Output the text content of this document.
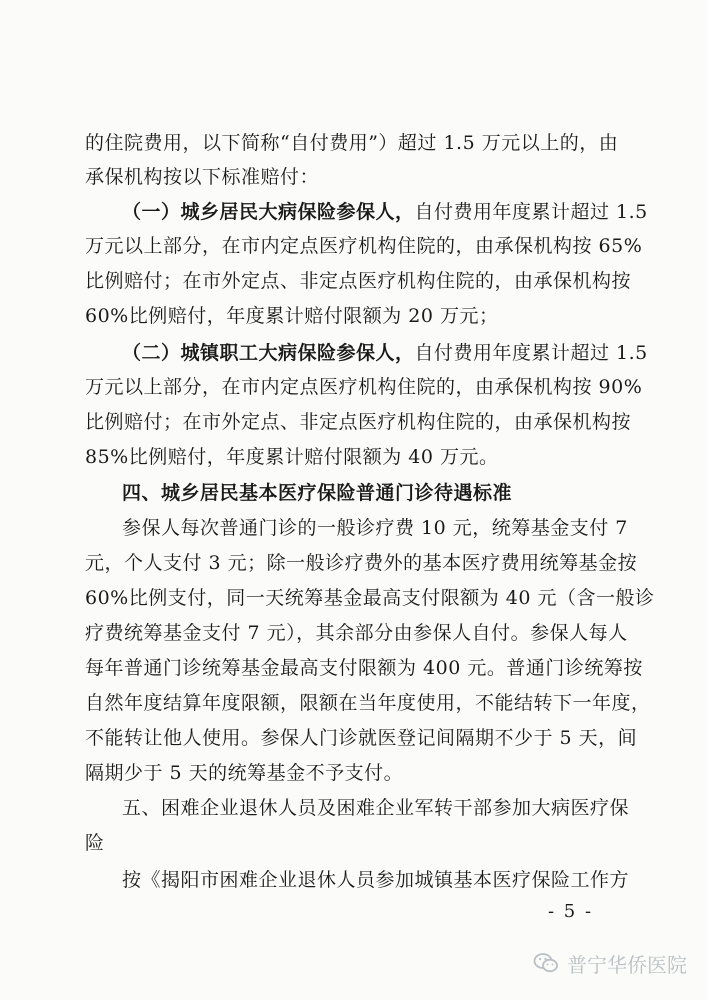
的住院费用，以下简称“自付费用”）超过 1.5 万元以上的，由
承保机构按以下标准赔付：
（一）城乡居民大病保险参保人，自付费用年度累计超过 1.5
万元以上部分，在市内定点医疗机构住院的，由承保机构按 65%
比例赔付；在市外定点、非定点医疗机构住院的，由承保机构按
60%比例赔付，年度累计赔付限额为 20 万元；
（二）城镇职工大病保险参保人，自付费用年度累计超过 1.5
万元以上部分，在市内定点医疗机构住院的，由承保机构按 90%
比例赔付；在市外定点、非定点医疗机构住院的，由承保机构按
85%比例赔付，年度累计赔付限额为 40 万元。
四、城乡居民基本医疗保险普通门诊待遇标准
参保人每次普通门诊的一般诊疗费 10 元，统筹基金支付 7
元，个人支付 3 元；除一般诊疗费外的基本医疗费用统筹基金按
60%比例支付，同一天统筹基金最高支付限额为 40 元（含一般诊
疗费统筹基金支付 7 元），其余部分由参保人自付。参保人每人
每年普通门诊统筹基金最高支付限额为 400 元。普通门诊统筹按
自然年度结算年度限额，限额在当年度使用，不能结转下一年度，
不能转让他人使用。参保人门诊就医登记间隔期不少于 5 天，间
隔期少于 5 天的统筹基金不予支付。
五、困难企业退休人员及困难企业军转干部参加大病医疗保
险
按《揭阳市困难企业退休人员参加城镇基本医疗保险工作方
- 5 -
普宁华侨医院
